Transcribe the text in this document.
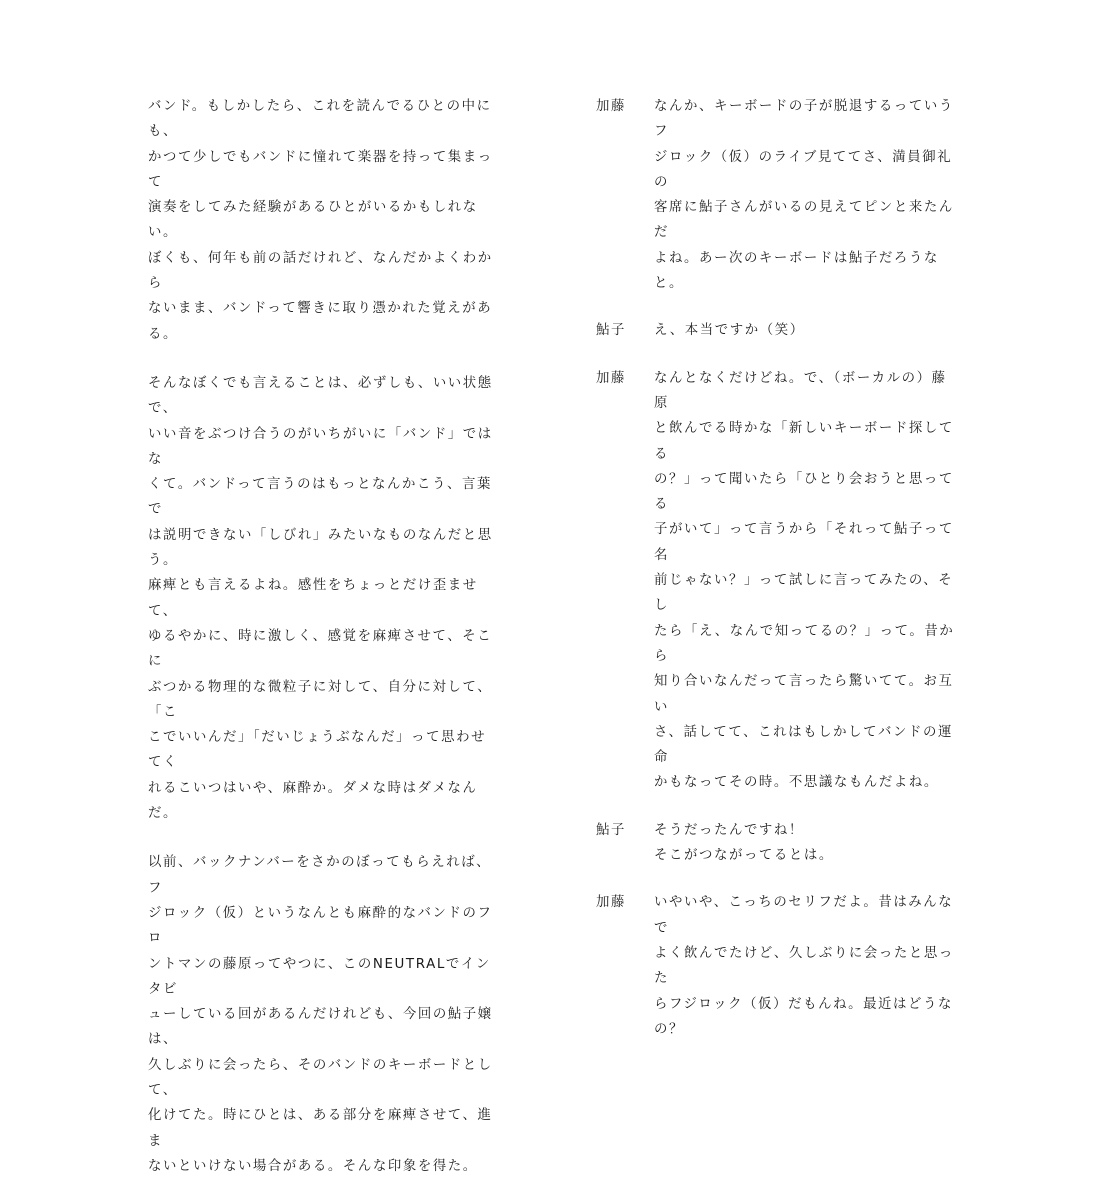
バンド。もしかしたら、これを読んでるひとの中にも、
かつて少しでもバンドに憧れて楽器を持って集まって
演奏をしてみた経験があるひとがいるかもしれない。
ぼくも、何年も前の話だけれど、なんだかよくわから
ないまま、バンドって響きに取り憑かれた覚えがある。

そんなぼくでも言えることは、必ずしも、いい状態で、
いい音をぶつけ合うのがいちがいに「バンド」ではな
くて。バンドって言うのはもっとなんかこう、言葉で
は説明できない「しびれ」みたいなものなんだと思う。
麻痺とも言えるよね。感性をちょっとだけ歪ませて、
ゆるやかに、時に激しく、感覚を麻痺させて、そこに
ぶつかる物理的な微粒子に対して、自分に対して、「こ
こでいいんだ」「だいじょうぶなんだ」って思わせてく
れるこいつはいや、麻酔か。ダメな時はダメなんだ。

以前、バックナンバーをさかのぼってもらえれば、フ
ジロック（仮）というなんとも麻酔的なバンドのフロ
ントマンの藤原ってやつに、このNEUTRALでインタビ
ューしている回があるんだけれども、今回の鮎子嬢は、
久しぶりに会ったら、そのバンドのキーボードとして、
化けてた。時にひとは、ある部分を麻痺させて、進ま
ないといけない場合がある。そんな印象を得た。

加藤	なんか、キーボードの子が脱退するっていうフ
ジロック（仮）のライブ見ててさ、満員御礼の
客席に鮎子さんがいるの見えてピンと来たんだ
よね。あー次のキーボードは鮎子だろうなと。
鮎子	え、本当ですか（笑）
加藤	なんとなくだけどね。で、（ボーカルの）藤原
と飲んでる時かな「新しいキーボード探してる
の？」って聞いたら「ひとり会おうと思ってる
子がいて」って言うから「それって鮎子って名
前じゃない？」って試しに言ってみたの、そし
たら「え、なんで知ってるの？」って。昔から
知り合いなんだって言ったら驚いてて。お互い
さ、話してて、これはもしかしてバンドの運命
かもなってその時。不思議なもんだよね。
鮎子	そうだったんですね！
そこがつながってるとは。
加藤	いやいや、こっちのセリフだよ。昔はみんなで
よく飲んでたけど、久しぶりに会ったと思った
らフジロック（仮）だもんね。最近はどうなの？
